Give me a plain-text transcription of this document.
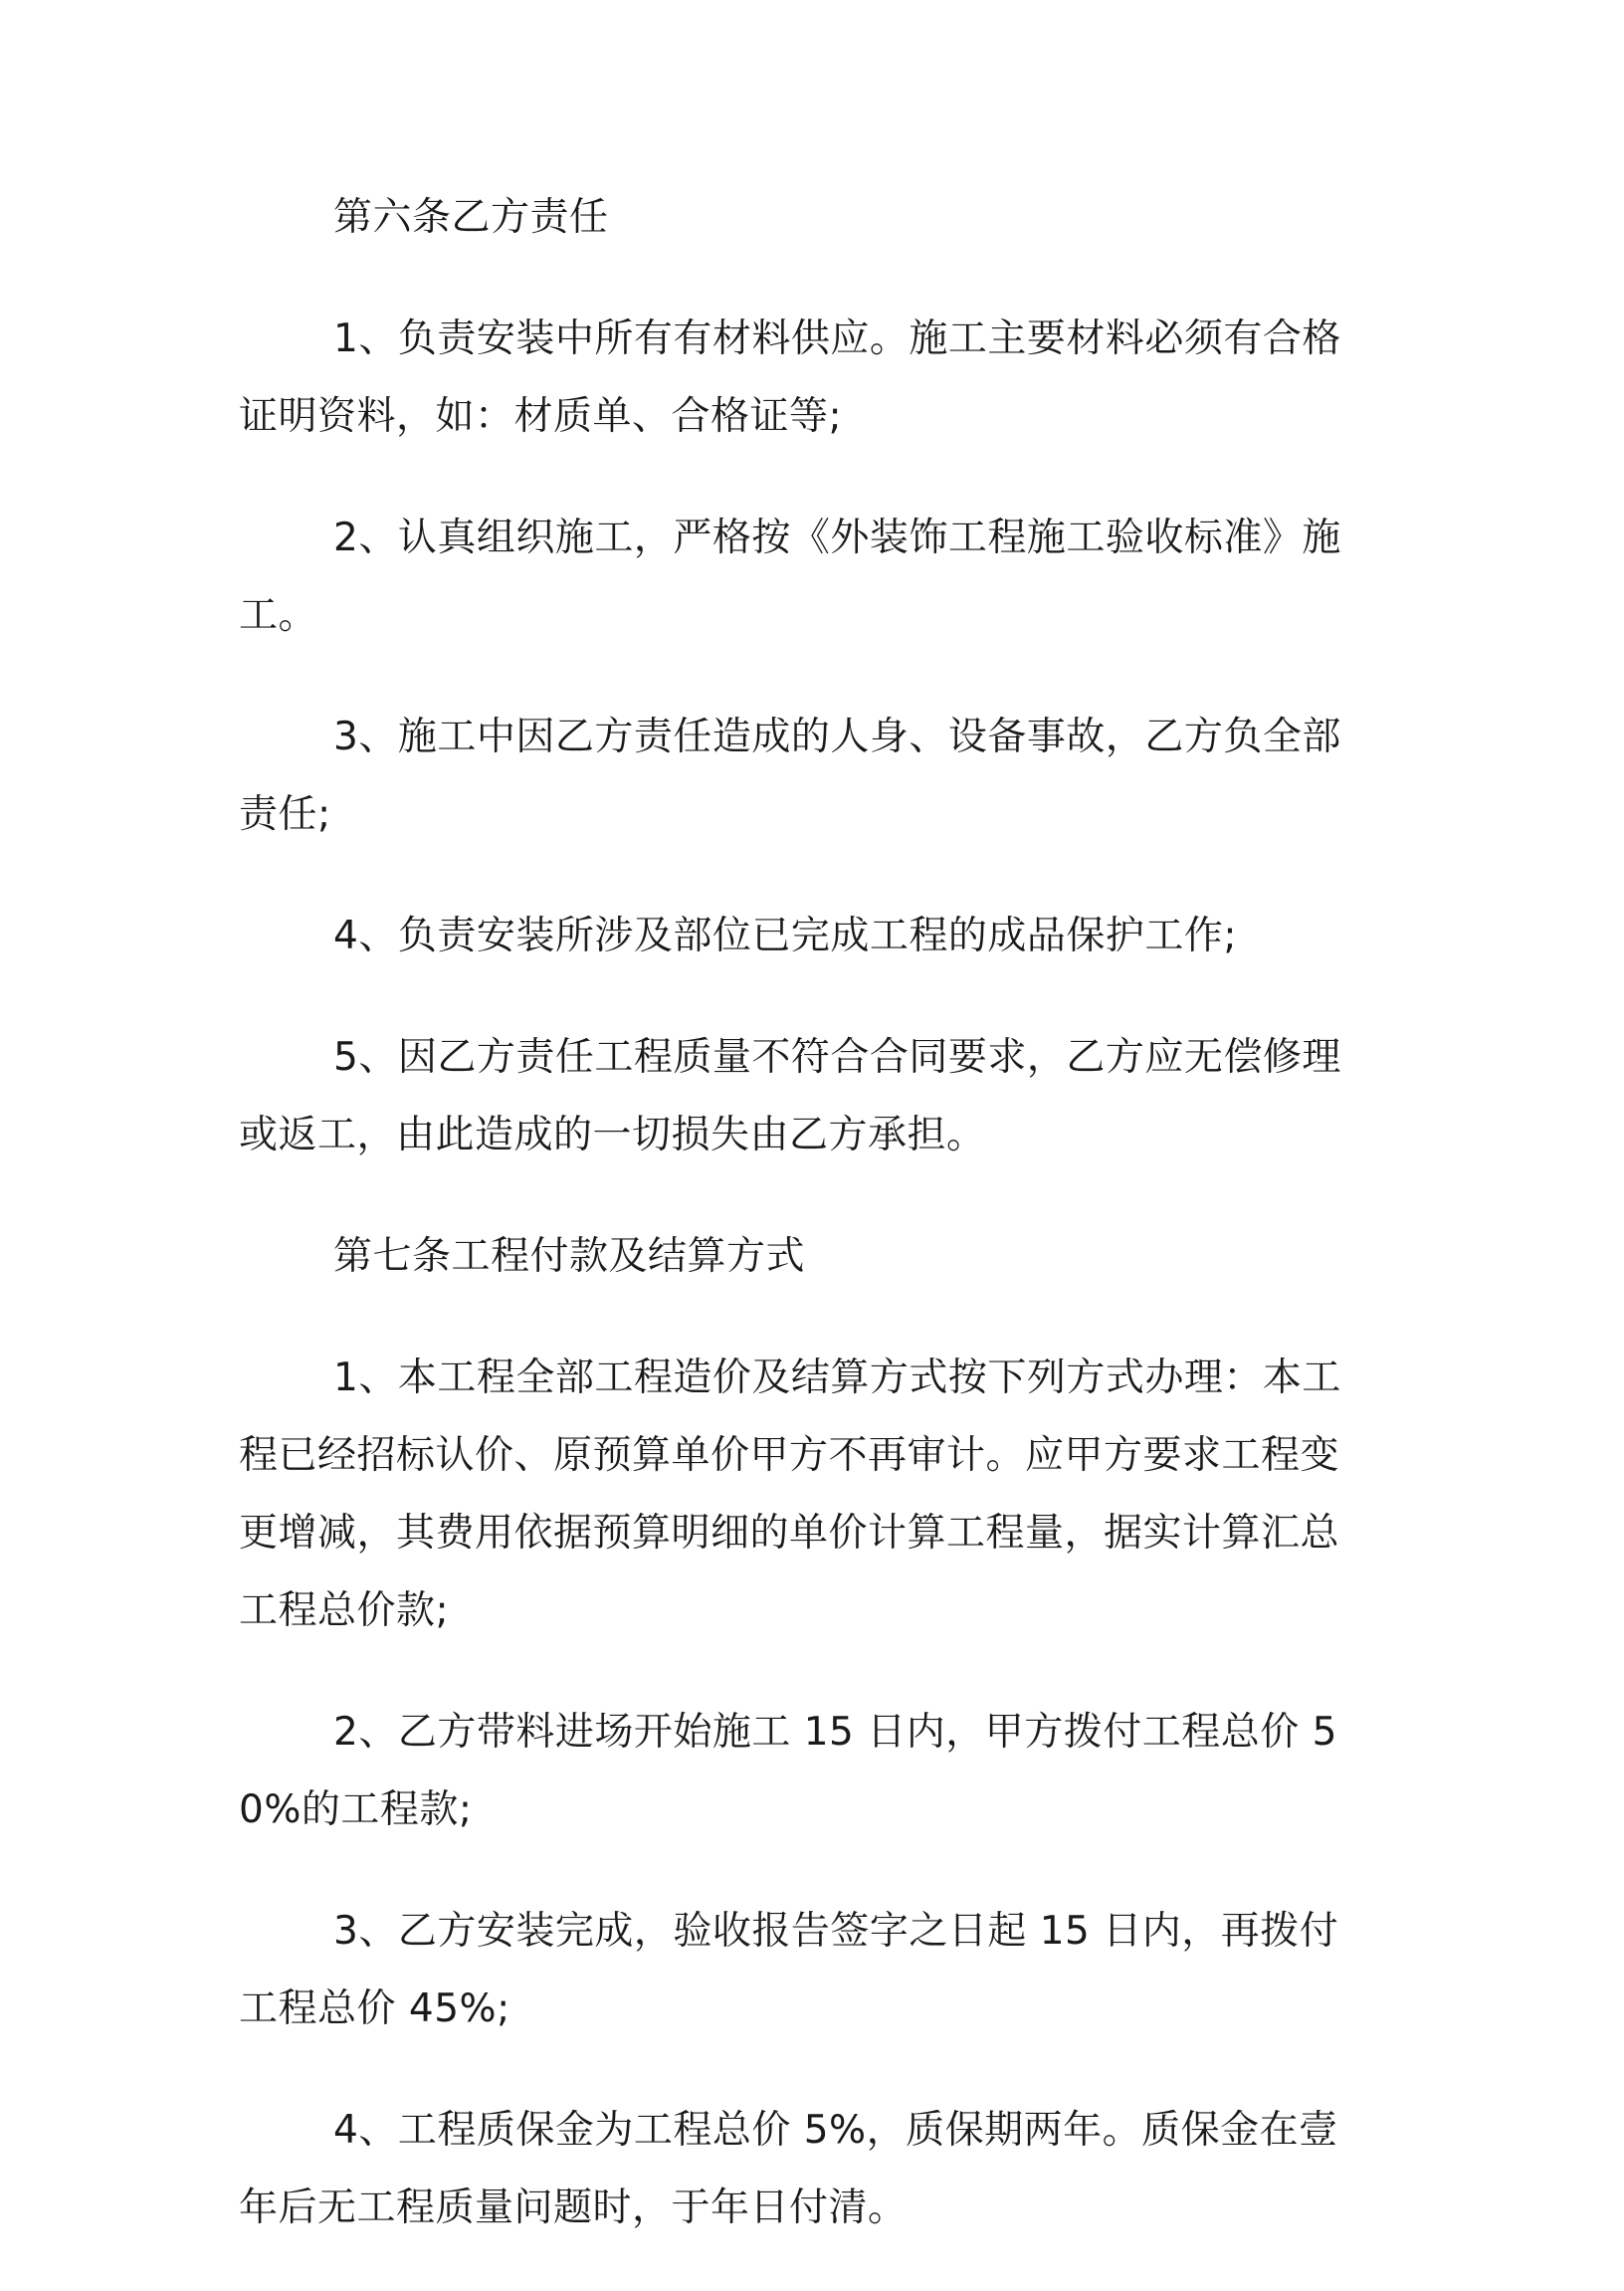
第六条乙方责任

1、负责安装中所有有材料供应。施工主要材料必须有合格证明资料，如：材质单、合格证等;

2、认真组织施工，严格按《外装饰工程施工验收标准》施工。

3、施工中因乙方责任造成的人身、设备事故，乙方负全部责任;

4、负责安装所涉及部位已完成工程的成品保护工作;

5、因乙方责任工程质量不符合合同要求，乙方应无偿修理或返工，由此造成的一切损失由乙方承担。

第七条工程付款及结算方式

1、本工程全部工程造价及结算方式按下列方式办理：本工程已经招标认价、原预算单价甲方不再审计。应甲方要求工程变更增减，其费用依据预算明细的单价计算工程量，据实计算汇总工程总价款;

2、乙方带料进场开始施工 15 日内，甲方拨付工程总价 50%的工程款;

3、乙方安装完成，验收报告签字之日起 15 日内，再拨付工程总价 45%;

4、工程质保金为工程总价 5%，质保期两年。质保金在壹年后无工程质量问题时，于年日付清。
